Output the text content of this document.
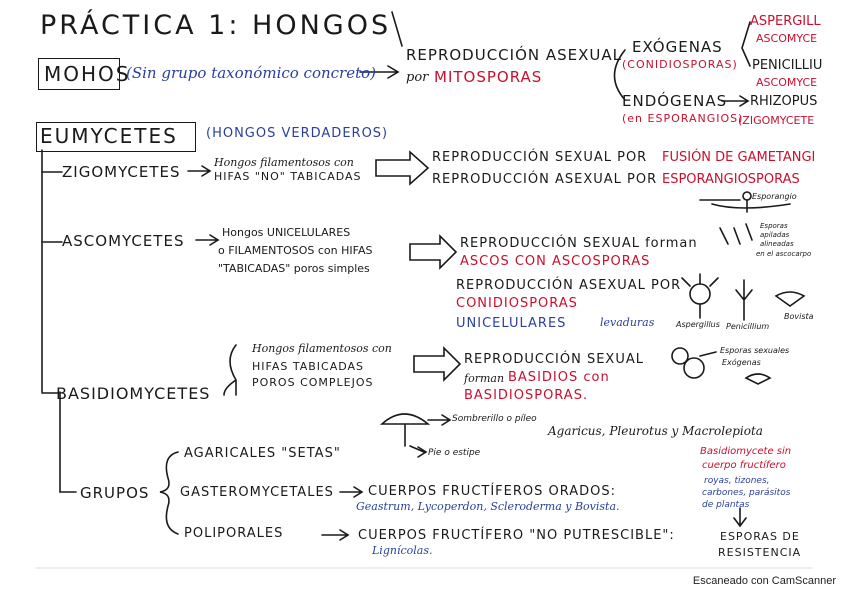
PRÁCTICA 1: HONGOS
MOHOS
(Sin grupo taxonómico concreto)
REPRODUCCIÓN ASEXUAL
por MITOSPORAS
EXÓGENAS
(CONIDIOSPORAS)
ENDÓGENAS
(en ESPORANGIOS)
ASPERGILL
ASCOMYCE
PENICILLIU
ASCOMYCE
RHIZOPUS
(ZIGOMYCETE
EUMYCETES (HONGOS VERDADEROS)
ZIGOMYCETES
Hongos filamentosos con
HIFAS "NO" TABICADAS
REPRODUCCIÓN SEXUAL POR FUSIÓN DE GAMETANGI
REPRODUCCIÓN ASEXUAL POR ESPORANGIOSPORAS
Esporangio
ASCOMYCETES	Hongos UNICELULARES
o FILAMENTOSOS con HIFAS
"TABICADAS" poros simples
REPRODUCCIÓN SEXUAL forman
ASCOS CON ASCOSPORAS
REPRODUCCIÓN ASEXUAL POR
CONIDIOSPORAS
UNICELULARES	levaduras
Esporas
apiladas
alineadas
en el ascocarpo
Aspergillus Penicillium
Bovista
BASIDIOMYCETES
Hongos filamentosos con
HIFAS TABICADAS
POROS COMPLEJOS
REPRODUCCIÓN SEXUAL
forman BASIDIOS con
BASIDIOSPORAS.
Esporas sexuales
Exógenas
GRUPOS
AGARICALES "SETAS"
Sombrerillo o píleo
Pie o estipe
Agaricus, Pleurotus y Macrolepiota
Basidiomycete sin
cuerpo fructífero
royas, tizones,
carbones, parásitos
de plantas
GASTEROMYCETALES	CUERPOS FRUCTÍFEROS ORADOS:
Geastrum, Lycoperdon, Scleroderma y Bovista.
POLIPORALES	CUERPOS FRUCTÍFERO "NO PUTRESCIBLE":
Lignícolas.
ESPORAS DE
RESISTENCIA
Escaneado con CamScanner
